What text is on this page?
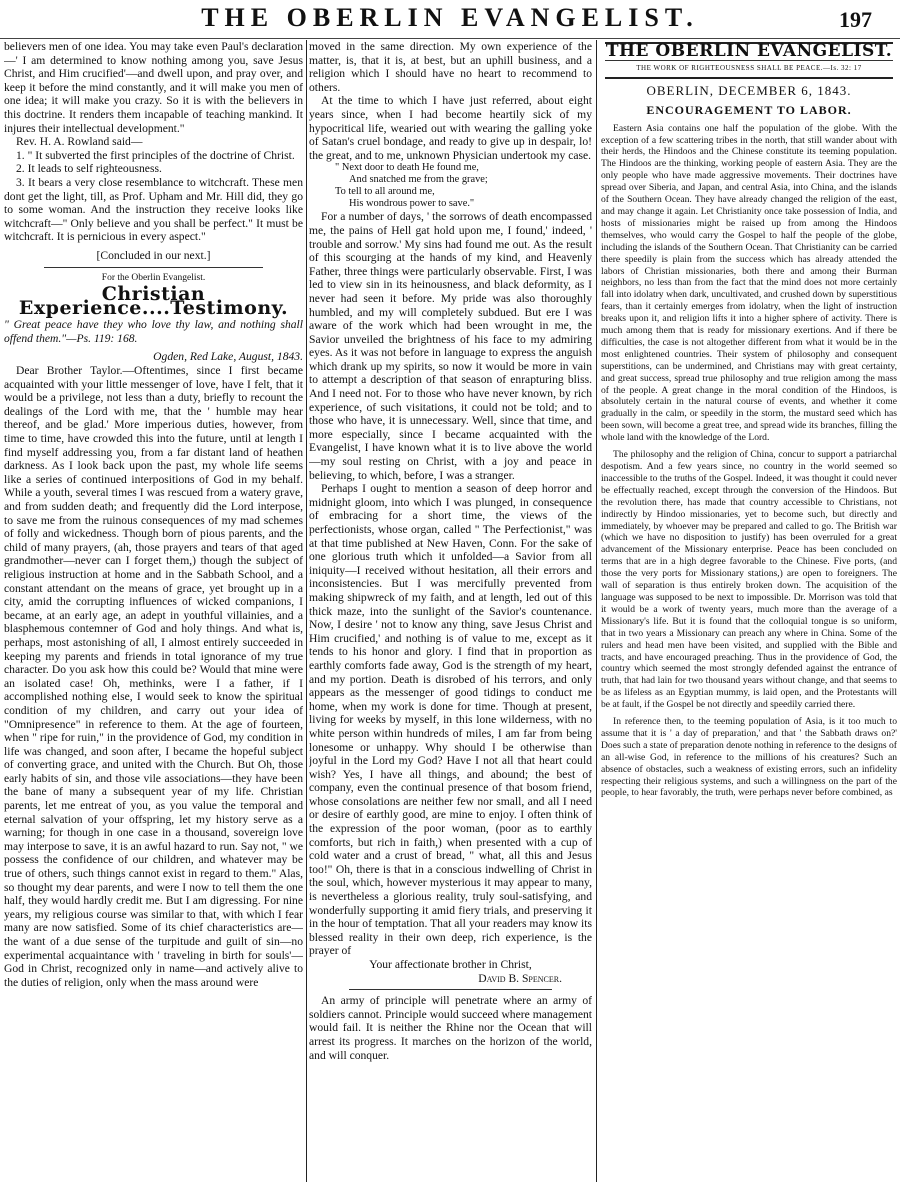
THE OBERLIN EVANGELIST.	197

believers men of one idea. You may take even Paul's declaration—' I am determined to know nothing among you, save Jesus Christ, and Him crucified'—and dwell upon, and pray over, and keep it before the mind constantly, and it will make you men of one idea; it will make you crazy. So it is with the believers in this doctrine. It renders them incapable of teaching mankind. It injures their intellectual development."

Rev. H. A. Rowland said—

1. " It subverted the first principles of the doctrine of Christ.

2. It leads to self righteousness.

3. It bears a very close resemblance to witchcraft. These men dont get the light, till, as Prof. Upham and Mr. Hill did, they go to some woman. And the instruction they receive looks like witchcraft—" Only believe and you shall be perfect." It must be witchcraft. It is pernicious in every aspect."

[Concluded in our next.]

For the Oberlin Evangelist.

Christian Experience....Testimony.

" Great peace have they who love thy law, and nothing shall offend them."—Ps. 119: 168.

Ogden, Red Lake, August, 1843.

Dear Brother Taylor.—Oftentimes, since I first became acquainted with your little messenger of love, have I felt, that it would be a privilege, not less than a duty, briefly to recount the dealings of the Lord with me, that the ' humble may hear thereof, and be glad.' More imperious duties, however, from time to time, have crowded this into the future, until at length I find myself addressing you, from a far distant land of heathen darkness. As I look back upon the past, my whole life seems like a series of continued interpositions of God in my behalf. While a youth, several times I was rescued from a watery grave, and from sudden death; and frequently did the Lord interpose, to save me from the ruinous consequences of my mad schemes of folly and wickedness. Though born of pious parents, and the child of many prayers, (ah, those prayers and tears of that aged grandmother—never can I forget them,) though the subject of religious instruction at home and in the Sabbath School, and a constant attendant on the means of grace, yet brought up in a city, amid the corrupting influences of wicked companions, I became, at an early age, an adept in youthful villainies, and a blasphemous contemner of God and holy things. And what is, perhaps, most astonishing of all, I almost entirely succeeded in keeping my parents and friends in total ignorance of my true character. Do you ask how this could be? Would that mine were an isolated case! Oh, methinks, were I a father, if I accomplished nothing else, I would seek to know the spiritual condition of my children, and carry out your idea of "Omnipresence" in reference to them. At the age of fourteen, when " ripe for ruin," in the providence of God, my condition in life was changed, and soon after, I became the hopeful subject of converting grace, and united with the Church. But Oh, those early habits of sin, and those vile associations—they have been the bane of many a subsequent year of my life. Christian parents, let me entreat of you, as you value the temporal and eternal salvation of your offspring, let my history serve as a warning; for though in one case in a thousand, sovereign love may interpose to save, it is an awful hazard to run. Say not, " we possess the confidence of our children, and whatever may be true of others, such things cannot exist in regard to them." Alas, so thought my dear parents, and were I now to tell them the one half, they would hardly credit me. But I am digressing. For nine years, my religious course was similar to that, with which I fear many are now satisfied. Some of its chief characteristics are—the want of a due sense of the turpitude and guilt of sin—no experimental acquaintance with ' traveling in birth for souls'—God in Christ, recognized only in name—and actively alive to the duties of religion, only when the mass around were

moved in the same direction. My own experience of the matter, is, that it is, at best, but an uphill business, and a religion which I should have no heart to recommend to others.

At the time to which I have just referred, about eight years since, when I had become heartily sick of my hypocritical life, wearied out with wearing the galling yoke of Satan's cruel bondage, and ready to give up in despair, lo! the great, and to me, unknown Physician undertook my case.

" Next door to death He found me,
And snatched me from the grave;
To tell to all around me,
His wondrous power to save."

For a number of days, ' the sorrows of death encompassed me, the pains of Hell gat hold upon me, I found,' indeed, ' trouble and sorrow.' My sins had found me out. As the result of this scourging at the hands of my kind, and Heavenly Father, three things were particularly observable. First, I was led to view sin in its heinousness, and black deformity, as I never had seen it before. My pride was also thoroughly humbled, and my will completely subdued. But ere I was aware of the work which had been wrought in me, the Savior unveiled the brightness of his face to my admiring eyes. As it was not before in language to express the anguish which drank up my spirits, so now it would be more in vain to attempt a description of that season of enrapturing bliss. And I need not. For to those who have never known, by rich experience, of such visitations, it could not be told; and to those who have, it is unnecessary. Well, since that time, and more especially, since I became acquainted with the Evangelist, I have known what it is to live above the world—my soul resting on Christ, with a joy and peace in believing, to which, before, I was a stranger.

Perhaps I ought to mention a season of deep horror and midnight gloom, into which I was plunged, in consequence of embracing for a short time, the views of the perfectionists, whose organ, called " The Perfectionist," was at that time published at New Haven, Conn. For the sake of one glorious truth which it unfolded—a Savior from all iniquity—I received without hesitation, all their errors and inconsistencies. But I was mercifully prevented from making shipwreck of my faith, and at length, led out of this thick maze, into the sunlight of the Savior's countenance. Now, I desire ' not to know any thing, save Jesus Christ and Him crucified,' and nothing is of value to me, except as it tends to his honor and glory. I find that in proportion as earthly comforts fade away, God is the strength of my heart, and my portion. Death is disrobed of his terrors, and only appears as the messenger of good tidings to conduct me home, when my work is done for time. Though at present, living for weeks by myself, in this lone wilderness, with no white person within hundreds of miles, I am far from being lonesome or unhappy. Why should I be otherwise than joyful in the Lord my God? Have I not all that heart could wish? Yes, I have all things, and abound; the best of company, even the continual presence of that bosom friend, whose consolations are neither few nor small, and all I need or desire of earthly good, are mine to enjoy. I often think of the expression of the poor woman, (poor as to earthly comforts, but rich in faith,) when presented with a cup of cold water and a crust of bread, " what, all this and Jesus too!" Oh, there is that in a conscious indwelling of Christ in the soul, which, however mysterious it may appear to many, is nevertheless a glorious reality, truly soul-satisfying, and wonderfully supporting it amid fiery trials, and preserving it in the hour of temptation. That all your readers may know its blessed reality in their own deep, rich experience, is the prayer of

Your affectionate brother in Christ,

David B. Spencer.

An army of principle will penetrate where an army of soldiers cannot. Principle would succeed where management would fail. It is neither the Rhine nor the Ocean that will arrest its progress. It marches on the horizon of the world, and will conquer.

THE OBERLIN EVANGELIST.
THE WORK OF RIGHTEOUSNESS SHALL BE PEACE.—Is. 32: 17
OBERLIN, DECEMBER 6, 1843.
ENCOURAGEMENT TO LABOR.

Eastern Asia contains one half the population of the globe. With the exception of a few scattering tribes in the north, that still wander about with their herds, the Hindoos and the Chinese constitute its teeming population. The Hindoos are the thinking, working people of eastern Asia. They are the only people who have made aggressive movements. Their doctrines have spread over Siberia, and Japan, and central Asia, into China, and the islands of the Southern Ocean. They have already changed the religion of the east, and may change it again. Let Christianity once take possession of India, and hosts of missionaries might be raised up from among the Hindoos themselves, who would carry the Gospel to half the people of the globe, including the islands of the Southern Ocean. That Christianity can be carried there speedily is plain from the success which has already attended the labors of Christian missionaries, both there and among their Burman neighbors, no less than from the fact that the mind does not more certainly fall into idolatry when dark, uncultivated, and crushed down by superstitious fears, than it certainly emerges from idolatry, when the light of instruction breaks upon it, and religion lifts it into a higher sphere of activity. There is much among them that is ready for missionary exertions. And if there be difficulties, the case is not altogether different from what it would be in the most enlightened countries. Their system of philosophy and consequent superstitions, can be undermined, and Christians may with great certainty, and great success, spread true philosophy and true religion among the mass of the people. A great change in the moral condition of the Hindoos, is absolutely certain in the natural course of events, and whether it come gradually in the calm, or speedily in the storm, the mustard seed which has been sown, will become a great tree, and spread wide its branches, filling the whole land with the knowledge of the Lord.

The philosophy and the religion of China, concur to support a patriarchal despotism. And a few years since, no country in the world seemed so inaccessible to the truths of the Gospel. Indeed, it was thought it could never be effectually reached, except through the conversion of the Hindoos. But the revolution there, has made that country accessible to Christians, not indirectly by Hindoo missionaries, yet to become such, but directly and immediately, by whoever may be prepared and called to go. The British war (which we have no disposition to justify) has been overruled for a great advancement of the Missionary enterprise. Peace has been concluded on terms that are in a high degree favorable to the Chinese. Five ports, (and those the very ports for Missionary stations,) are open to foreigners. The wall of separation is thus entirely broken down. The acquisition of the language was supposed to be next to impossible. Dr. Morrison was told that it would be a work of twenty years, much more than the average of a Missionary's life. But it is found that the colloquial tongue is so uniform, that in two years a Missionary can preach any where in China. Some of the rulers and head men have been visited, and supplied with the Bible and tracts, and have encouraged preaching. Thus in the providence of God, the country which seemed the most strongly defended against the entrance of truth, that had lain for two thousand years without change, and that seems to be as lifeless as an Egyptian mummy, is laid open, and the Protestants will be at fault, if the Gospel be not directly and speedily carried there.

In reference then, to the teeming population of Asia, is it too much to assume that it is ' a day of preparation,' and that ' the Sabbath draws on?' Does such a state of preparation denote nothing in reference to the designs of an all-wise God, in reference to the millions of his creatures? Such an absence of obstacles, such a weakness of existing errors, such an infidelity respecting their religious systems, and such a willingness on the part of the people, to hear favorably, the truth, were perhaps never before combined, as
